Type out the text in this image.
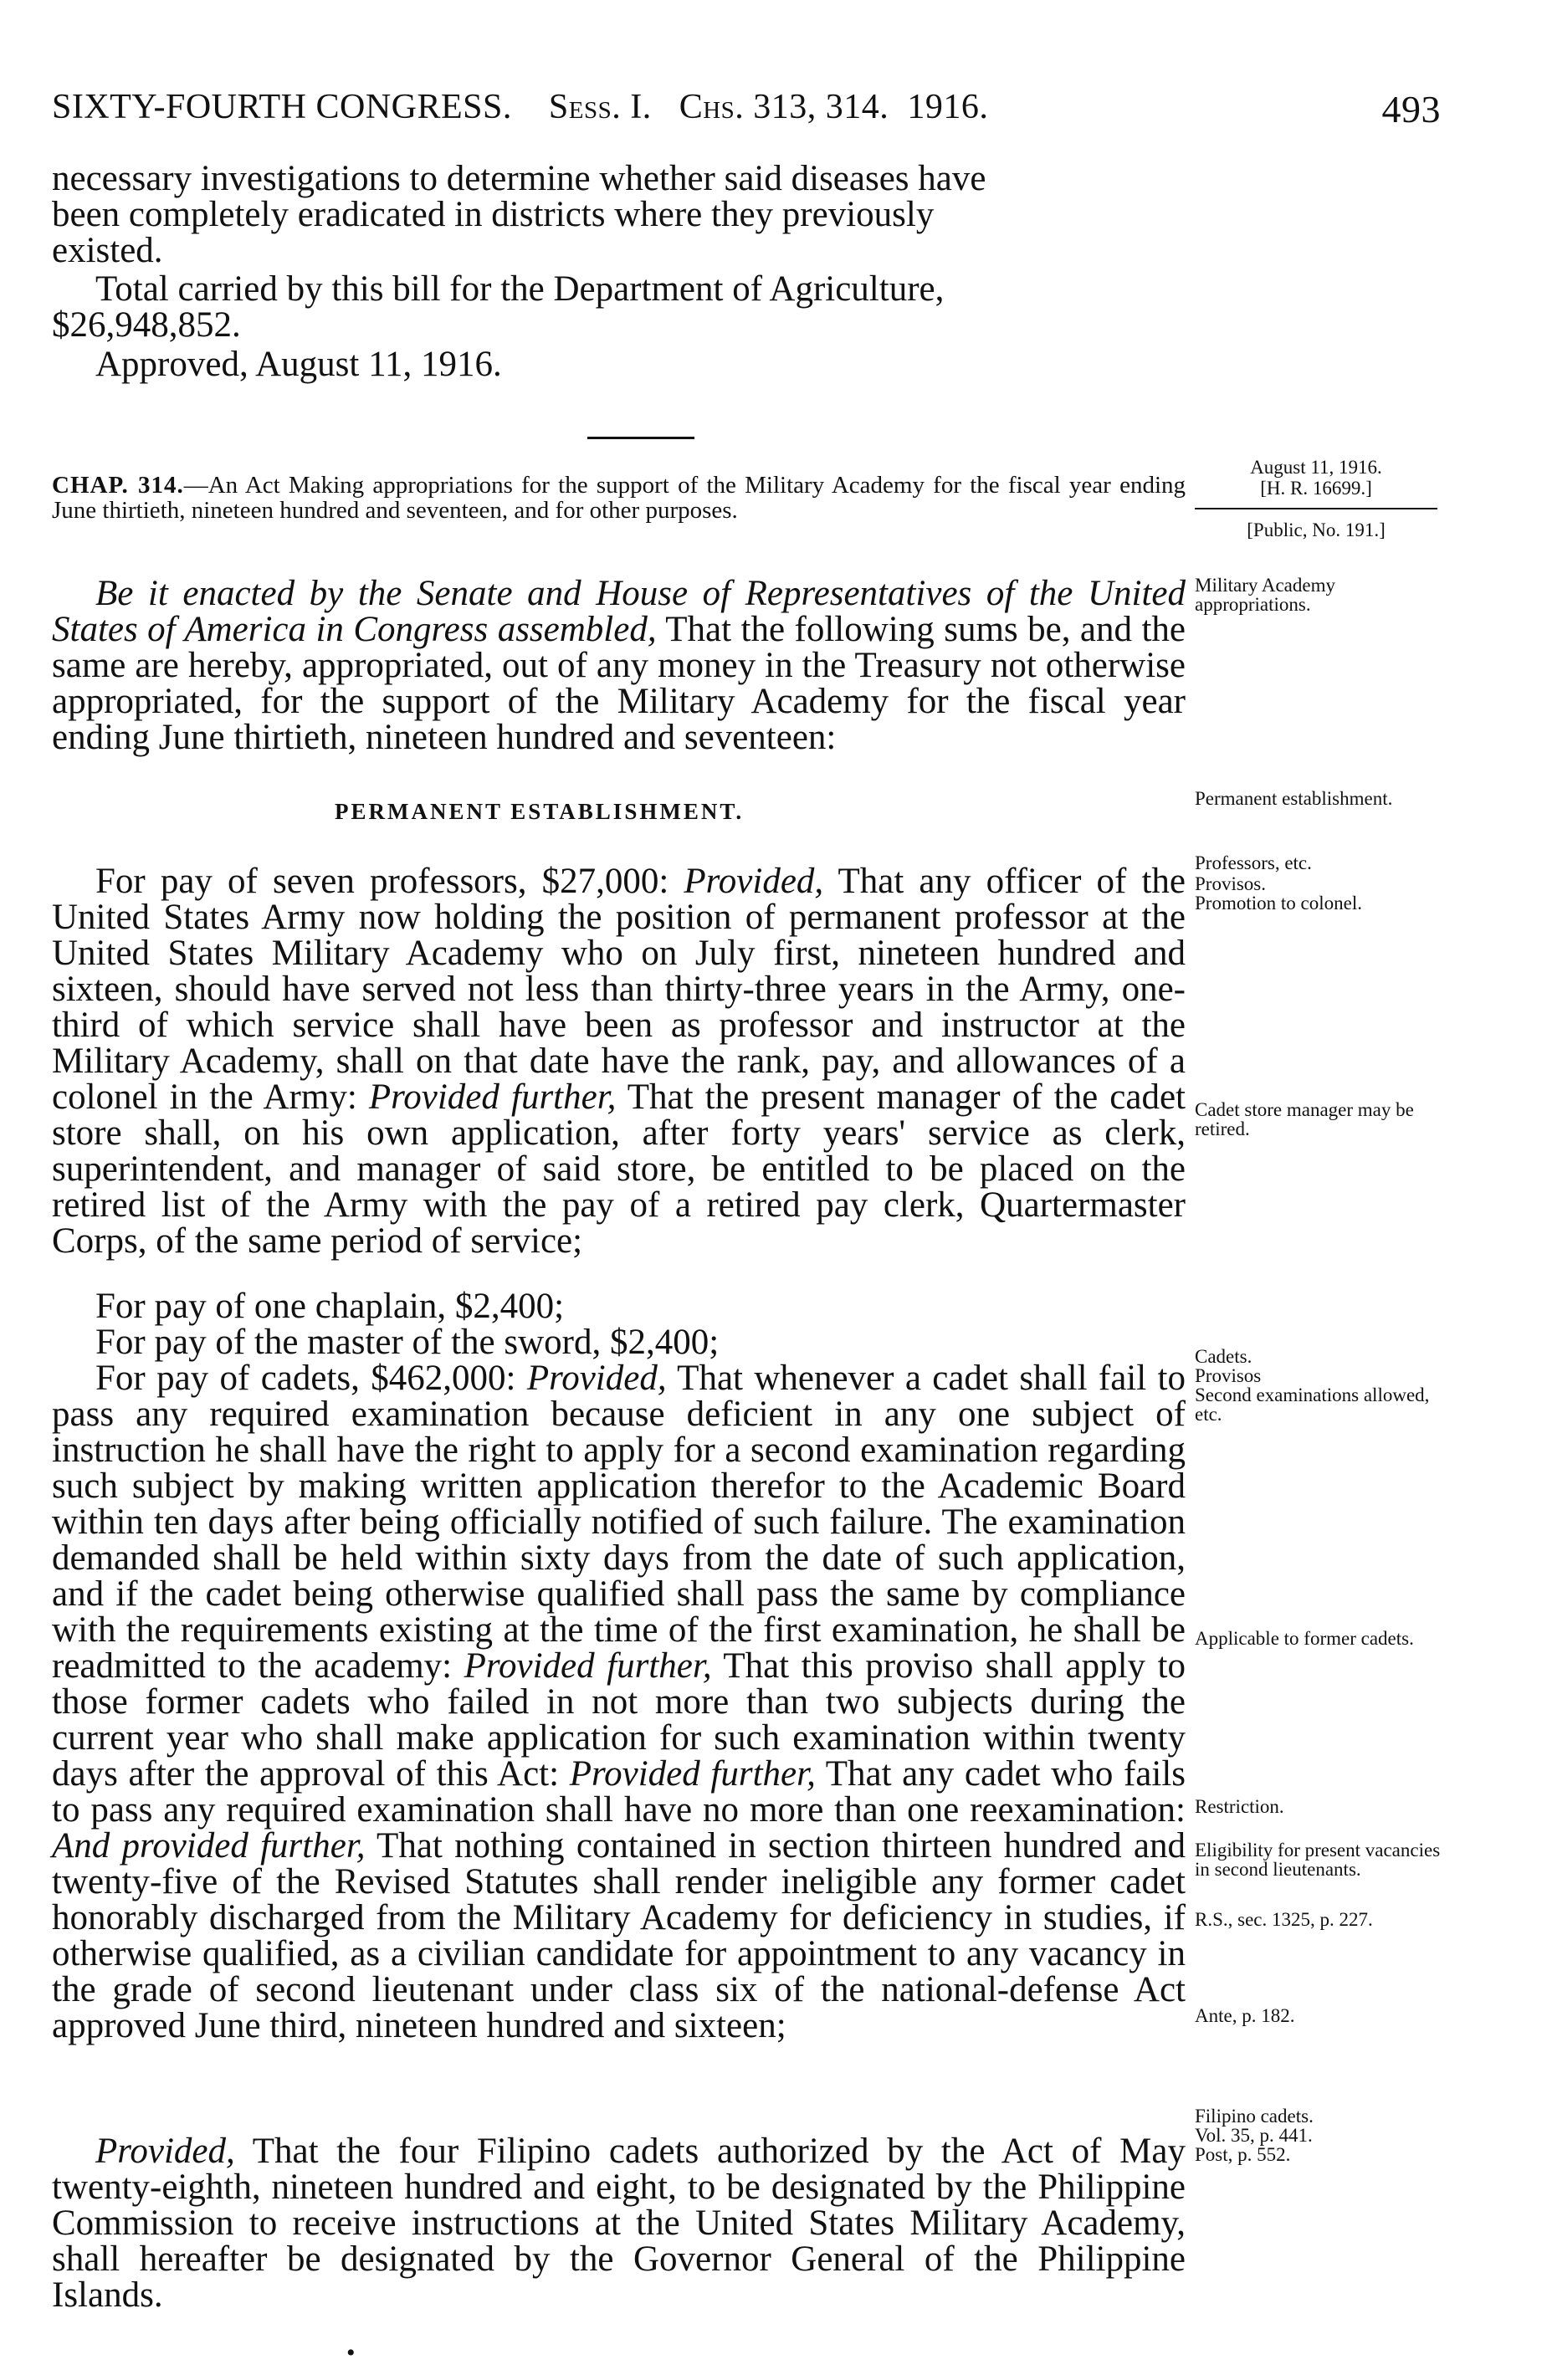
SIXTY-FOURTH CONGRESS. Sess. I. Chs. 313, 314. 1916.	493
necessary investigations to determine whether said diseases have
been completely eradicated in districts where they previously
existed.
Total carried by this bill for the Department of Agriculture,
$26,948,852.
Approved, August 11, 1916.
CHAP. 314.—An Act Making appropriations for the support of the Military Academy for the fiscal year ending June thirtieth, nineteen hundred and seventeen, and for other purposes.
Be it enacted by the Senate and House of Representatives of the United States of America in Congress assembled, That the following sums be, and the same are hereby, appropriated, out of any money in the Treasury not otherwise appropriated, for the support of the Military Academy for the fiscal year ending June thirtieth, nineteen hundred and seventeen:
PERMANENT ESTABLISHMENT.
For pay of seven professors, $27,000: Provided, That any officer of the United States Army now holding the position of permanent professor at the United States Military Academy who on July first, nineteen hundred and sixteen, should have served not less than thirty-three years in the Army, one-third of which service shall have been as professor and instructor at the Military Academy, shall on that date have the rank, pay, and allowances of a colonel in the Army: Provided further, That the present manager of the cadet store shall, on his own application, after forty years' service as clerk, superintendent, and manager of said store, be entitled to be placed on the retired list of the Army with the pay of a retired pay clerk, Quartermaster Corps, of the same period of service;
For pay of one chaplain, $2,400;
For pay of the master of the sword, $2,400;
For pay of cadets, $462,000: Provided, That whenever a cadet shall fail to pass any required examination because deficient in any one subject of instruction he shall have the right to apply for a second examination regarding such subject by making written application therefor to the Academic Board within ten days after being officially notified of such failure. The examination demanded shall be held within sixty days from the date of such application, and if the cadet being otherwise qualified shall pass the same by compliance with the requirements existing at the time of the first examination, he shall be readmitted to the academy: Provided further, That this proviso shall apply to those former cadets who failed in not more than two subjects during the current year who shall make application for such examination within twenty days after the approval of this Act: Provided further, That any cadet who fails to pass any required examination shall have no more than one reexamination: And provided further, That nothing contained in section thirteen hundred and twenty-five of the Revised Statutes shall render ineligible any former cadet honorably discharged from the Military Academy for deficiency in studies, if otherwise qualified, as a civilian candidate for appointment to any vacancy in the grade of second lieutenant under class six of the national-defense Act approved June third, nineteen hundred and sixteen;
Provided, That the four Filipino cadets authorized by the Act of May twenty-eighth, nineteen hundred and eight, to be designated by the Philippine Commission to receive instructions at the United States Military Academy, shall hereafter be designated by the Governor General of the Philippine Islands.
August 11, 1916.
[H. R. 16699.]
[Public, No. 191.]
Military Academy appropriations.
Permanent establishment.
Professors, etc.
Provisos.
Promotion to colonel.
Cadet store manager may be retired.
Cadets.
Provisos
Second examinations allowed, etc.
Applicable to former cadets.
Restriction.
Eligibility for present vacancies in second lieutenants.
R.S., sec. 1325, p. 227.
Ante, p. 182.
Filipino cadets.
Vol. 35, p. 441.
Post, p. 552.
•
